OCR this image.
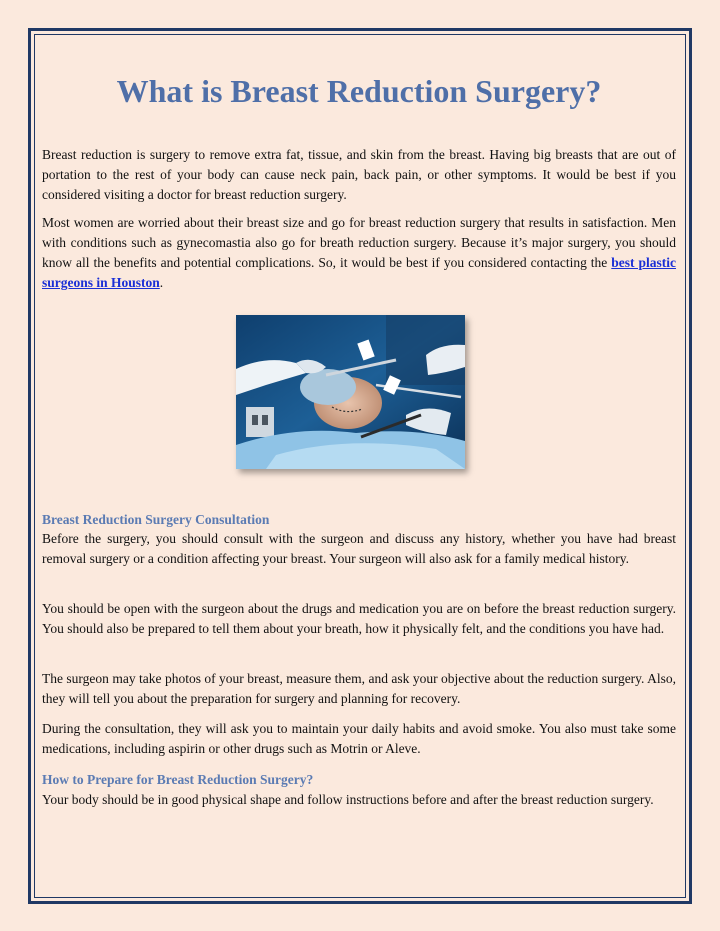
What is Breast Reduction Surgery?

Breast reduction is surgery to remove extra fat, tissue, and skin from the breast. Having big breasts that are out of portation to the rest of your body can cause neck pain, back pain, or other symptoms. It would be best if you considered visiting a doctor for breast reduction surgery.

Most women are worried about their breast size and go for breast reduction surgery that results in satisfaction. Men with conditions such as gynecomastia also go for breath reduction surgery. Because it’s major surgery, you should know all the benefits and potential complications. So, it would be best if you considered contacting the best plastic surgeons in Houston.

Breast Reduction Surgery Consultation

Before the surgery, you should consult with the surgeon and discuss any history, whether you have had breast removal surgery or a condition affecting your breast. Your surgeon will also ask for a family medical history.

You should be open with the surgeon about the drugs and medication you are on before the breast reduction surgery. You should also be prepared to tell them about your breath, how it physically felt, and the conditions you have had.

The surgeon may take photos of your breast, measure them, and ask your objective about the reduction surgery. Also, they will tell you about the preparation for surgery and planning for recovery.

During the consultation, they will ask you to maintain your daily habits and avoid smoke. You also must take some medications, including aspirin or other drugs such as Motrin or Aleve.

How to Prepare for Breast Reduction Surgery?

Your body should be in good physical shape and follow instructions before and after the breast reduction surgery.
